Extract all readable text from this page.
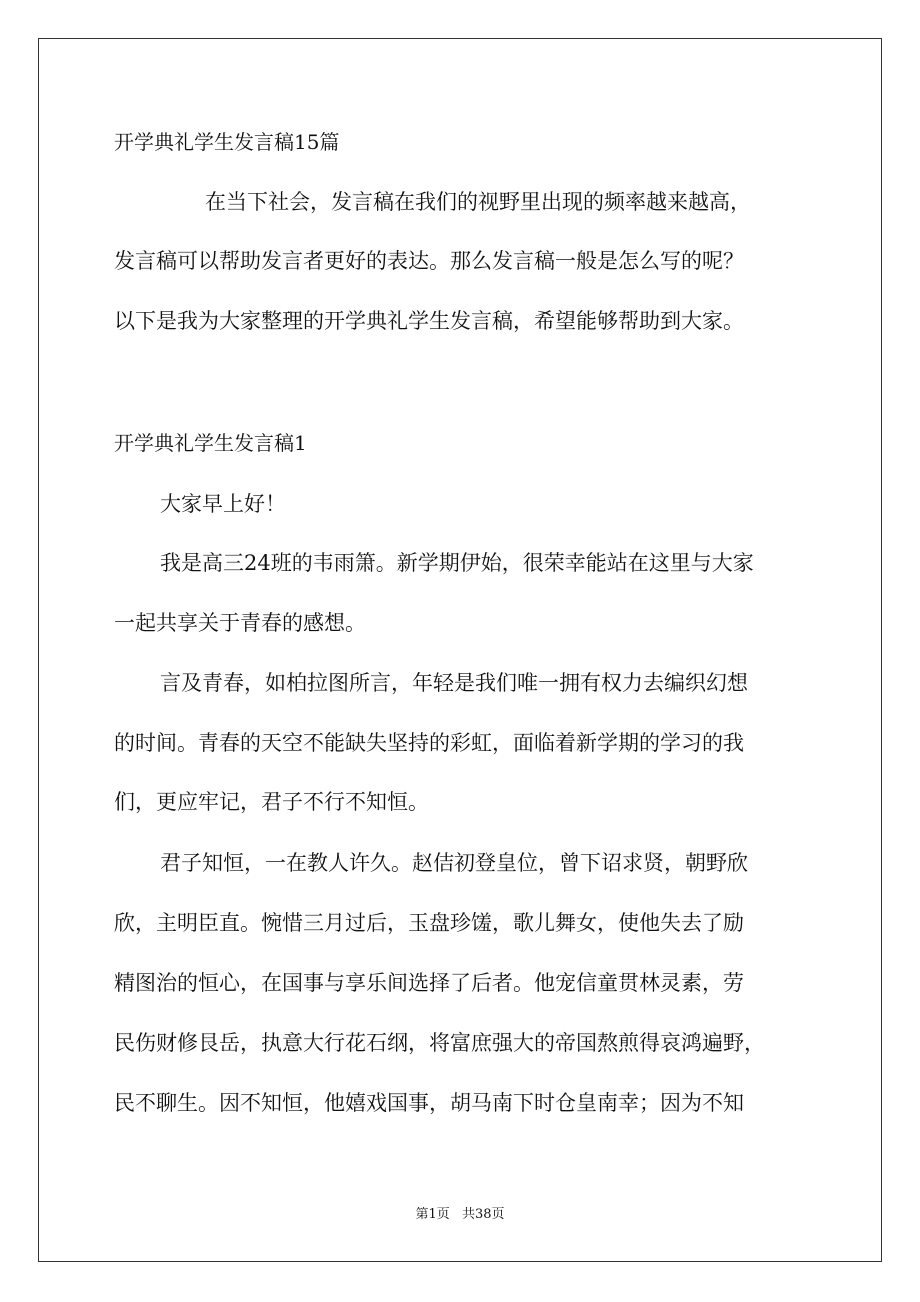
开学典礼学生发言稿15篇
在当下社会，发言稿在我们的视野里出现的频率越来越高，
发言稿可以帮助发言者更好的表达。那么发言稿一般是怎么写的呢？
以下是我为大家整理的开学典礼学生发言稿，希望能够帮助到大家。
开学典礼学生发言稿1
大家早上好！
我是高三24班的韦雨箫。新学期伊始，很荣幸能站在这里与大家
一起共享关于青春的感想。
言及青春，如柏拉图所言，年轻是我们唯一拥有权力去编织幻想
的时间。青春的天空不能缺失坚持的彩虹，面临着新学期的学习的我
们，更应牢记，君子不行不知恒。
君子知恒，一在教人许久。赵佶初登皇位，曾下诏求贤，朝野欣
欣，主明臣直。惋惜三月过后，玉盘珍馐，歌儿舞女，使他失去了励
精图治的恒心，在国事与享乐间选择了后者。他宠信童贯林灵素，劳
民伤财修艮岳，执意大行花石纲，将富庶强大的帝国熬煎得哀鸿遍野，
民不聊生。因不知恒，他嬉戏国事，胡马南下时仓皇南幸；因为不知
第1页 共38页
